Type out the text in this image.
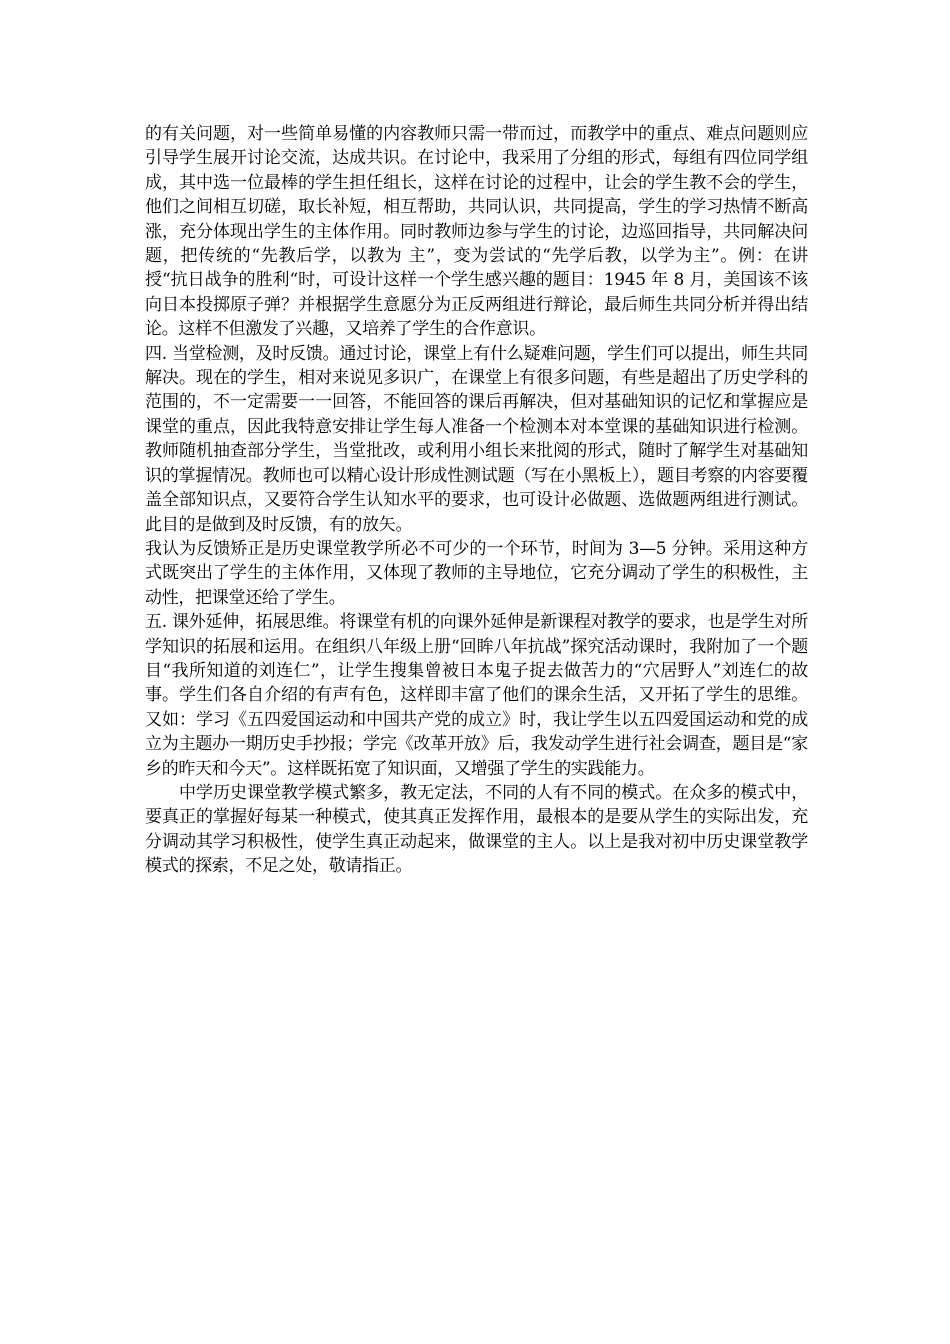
的有关问题，对一些简单易懂的内容教师只需一带而过，而教学中的重点、难点问题则应引导学生展开讨论交流，达成共识。在讨论中，我采用了分组的形式，每组有四位同学组成，其中选一位最棒的学生担任组长，这样在讨论的过程中，让会的学生教不会的学生，他们之间相互切磋，取长补短，相互帮助，共同认识，共同提高，学生的学习热情不断高涨，充分体现出学生的主体作用。同时教师边参与学生的讨论，边巡回指导，共同解决问题，把传统的“先教后学，以教为 主”，变为尝试的“先学后教，以学为主”。例：在讲授“抗日战争的胜利“时，可设计这样一个学生感兴趣的题目：1945 年 8 月，美国该不该向日本投掷原子弹？并根据学生意愿分为正反两组进行辩论，最后师生共同分析并得出结论。这样不但激发了兴趣，又培养了学生的合作意识。

四. 当堂检测，及时反馈。通过讨论，课堂上有什么疑难问题，学生们可以提出，师生共同解决。现在的学生，相对来说见多识广，在课堂上有很多问题，有些是超出了历史学科的范围的，不一定需要一一回答，不能回答的课后再解决，但对基础知识的记忆和掌握应是课堂的重点，因此我特意安排让学生每人准备一个检测本对本堂课的基础知识进行检测。教师随机抽查部分学生，当堂批改，或利用小组长来批阅的形式，随时了解学生对基础知识的掌握情况。教师也可以精心设计形成性测试题（写在小黑板上），题目考察的内容要覆盖全部知识点，又要符合学生认知水平的要求，也可设计必做题、选做题两组进行测试。此目的是做到及时反馈，有的放矢。

我认为反馈矫正是历史课堂教学所必不可少的一个环节，时间为 3—5 分钟。采用这种方式既突出了学生的主体作用，又体现了教师的主导地位，它充分调动了学生的积极性，主动性，把课堂还给了学生。

五. 课外延伸，拓展思维。将课堂有机的向课外延伸是新课程对教学的要求，也是学生对所学知识的拓展和运用。在组织八年级上册“回眸八年抗战”探究活动课时，我附加了一个题目“我所知道的刘连仁”，让学生搜集曾被日本鬼子捉去做苦力的“穴居野人”刘连仁的故事。学生们各自介绍的有声有色，这样即丰富了他们的课余生活，又开拓了学生的思维。又如：学习《五四爱国运动和中国共产党的成立》时，我让学生以五四爱国运动和党的成立为主题办一期历史手抄报；学完《改革开放》后，我发动学生进行社会调查，题目是“家乡的昨天和今天”。这样既拓宽了知识面，又增强了学生的实践能力。

中学历史课堂教学模式繁多，教无定法，不同的人有不同的模式。在众多的模式中，要真正的掌握好每某一种模式，使其真正发挥作用，最根本的是要从学生的实际出发，充分调动其学习积极性，使学生真正动起来，做课堂的主人。以上是我对初中历史课堂教学模式的探索，不足之处，敬请指正。
